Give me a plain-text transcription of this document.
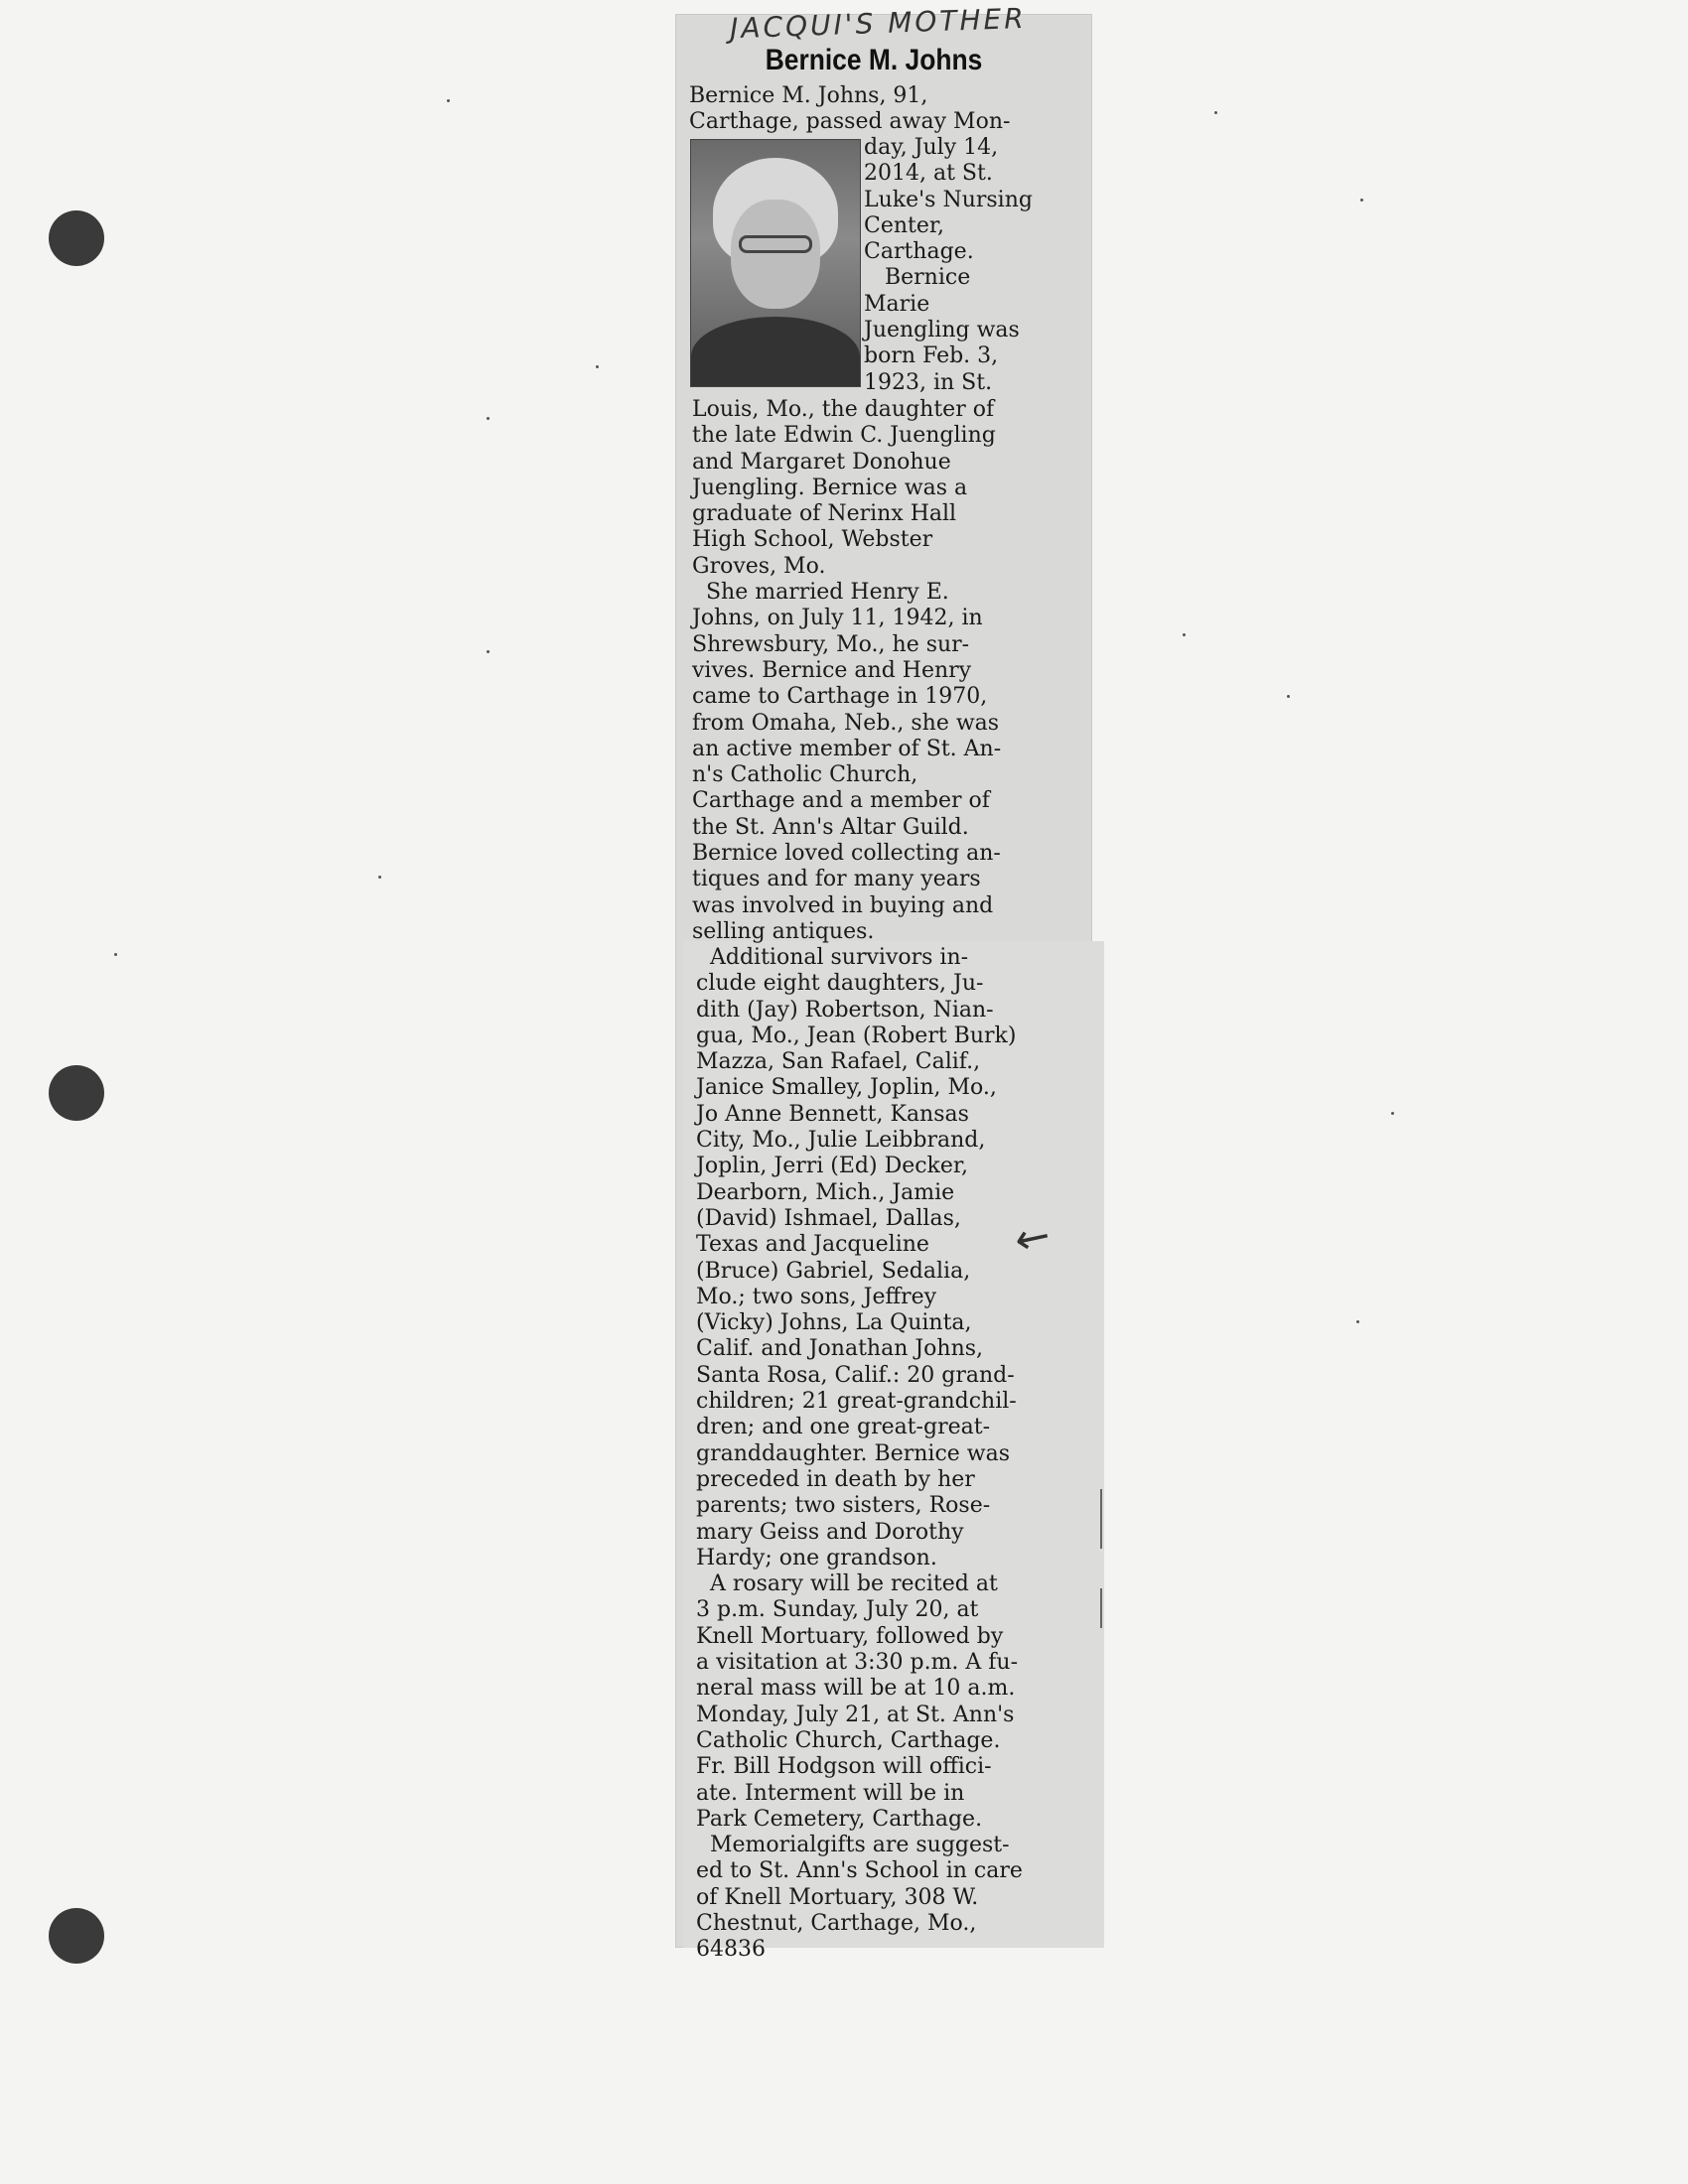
JACQUI'S MOTHER
Bernice M. Johns
Bernice M. Johns, 91,
Carthage, passed away Mon-
day, July 14,
2014, at St.
Luke's Nursing
Center,
Carthage.
Bernice
Marie
Juengling was
born Feb. 3,
1923, in St.
Louis, Mo., the daughter of
the late Edwin C. Juengling
and Margaret Donohue
Juengling. Bernice was a
graduate of Nerinx Hall
High School, Webster
Groves, Mo.
She married Henry E.
Johns, on July 11, 1942, in
Shrewsbury, Mo., he sur-
vives. Bernice and Henry
came to Carthage in 1970,
from Omaha, Neb., she was
an active member of St. An-
n's Catholic Church,
Carthage and a member of
the St. Ann's Altar Guild.
Bernice loved collecting an-
tiques and for many years
was involved in buying and
selling antiques.
Additional survivors in-
clude eight daughters, Ju-
dith (Jay) Robertson, Nian-
gua, Mo., Jean (Robert Burk)
Mazza, San Rafael, Calif.,
Janice Smalley, Joplin, Mo.,
Jo Anne Bennett, Kansas
City, Mo., Julie Leibbrand,
Joplin, Jerri (Ed) Decker,
Dearborn, Mich., Jamie
(David) Ishmael, Dallas,
Texas and Jacqueline
(Bruce) Gabriel, Sedalia,
Mo.; two sons, Jeffrey
(Vicky) Johns, La Quinta,
Calif. and Jonathan Johns,
Santa Rosa, Calif.: 20 grand-
children; 21 great-grandchil-
dren; and one great-great-
granddaughter. Bernice was
preceded in death by her
parents; two sisters, Rose-
mary Geiss and Dorothy
Hardy; one grandson.
A rosary will be recited at
3 p.m. Sunday, July 20, at
Knell Mortuary, followed by
a visitation at 3:30 p.m. A fu-
neral mass will be at 10 a.m.
Monday, July 21, at St. Ann's
Catholic Church, Carthage.
Fr. Bill Hodgson will offici-
ate. Interment will be in
Park Cemetery, Carthage.
Memorialgifts are suggest-
ed to St. Ann's School in care
of Knell Mortuary, 308 W.
Chestnut, Carthage, Mo.,
64836
←
